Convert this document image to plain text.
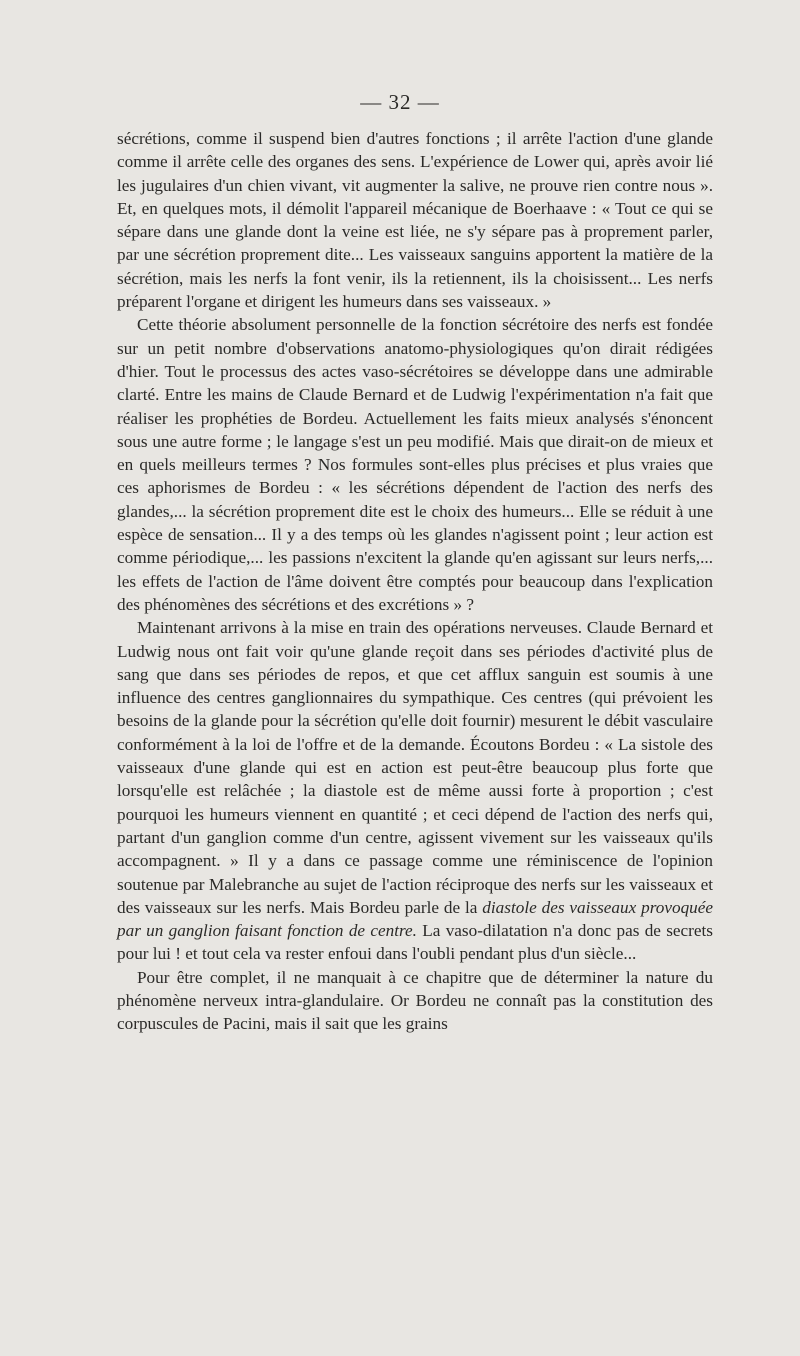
— 32 —

sécrétions, comme il suspend bien d'autres fonctions ; il arrête l'action d'une glande comme il arrête celle des organes des sens. L'expérience de Lower qui, après avoir lié les jugulaires d'un chien vivant, vit augmenter la salive, ne prouve rien contre nous ». Et, en quelques mots, il démolit l'appareil mécanique de Boerhaave : « Tout ce qui se sépare dans une glande dont la veine est liée, ne s'y sépare pas à proprement parler, par une sécrétion proprement dite... Les vaisseaux sanguins apportent la matière de la sécrétion, mais les nerfs la font venir, ils la retiennent, ils la choisissent... Les nerfs préparent l'organe et dirigent les humeurs dans ses vaisseaux. »

Cette théorie absolument personnelle de la fonction sécrétoire des nerfs est fondée sur un petit nombre d'observations anatomo-physiologiques qu'on dirait rédigées d'hier. Tout le processus des actes vaso-sécrétoires se développe dans une admirable clarté. Entre les mains de Claude Bernard et de Ludwig l'expérimentation n'a fait que réaliser les prophéties de Bordeu. Actuellement les faits mieux analysés s'énoncent sous une autre forme ; le langage s'est un peu modifié. Mais que dirait-on de mieux et en quels meilleurs termes ? Nos formules sont-elles plus précises et plus vraies que ces aphorismes de Bordeu : « les sécrétions dépendent de l'action des nerfs des glandes,... la sécrétion proprement dite est le choix des humeurs... Elle se réduit à une espèce de sensation... Il y a des temps où les glandes n'agissent point ; leur action est comme périodique,... les passions n'excitent la glande qu'en agissant sur leurs nerfs,... les effets de l'action de l'âme doivent être comptés pour beaucoup dans l'explication des phénomènes des sécrétions et des excrétions » ?

Maintenant arrivons à la mise en train des opérations nerveuses. Claude Bernard et Ludwig nous ont fait voir qu'une glande reçoit dans ses périodes d'activité plus de sang que dans ses périodes de repos, et que cet afflux sanguin est soumis à une influence des centres ganglionnaires du sympathique. Ces centres (qui prévoient les besoins de la glande pour la sécrétion qu'elle doit fournir) mesurent le débit vasculaire conformément à la loi de l'offre et de la demande. Écoutons Bordeu : « La sistole des vaisseaux d'une glande qui est en action est peut-être beaucoup plus forte que lorsqu'elle est relâchée ; la diastole est de même aussi forte à proportion ; c'est pourquoi les humeurs viennent en quantité ; et ceci dépend de l'action des nerfs qui, partant d'un ganglion comme d'un centre, agissent vivement sur les vaisseaux qu'ils accompagnent. » Il y a dans ce passage comme une réminiscence de l'opinion soutenue par Malebranche au sujet de l'action réciproque des nerfs sur les vaisseaux et des vaisseaux sur les nerfs. Mais Bordeu parle de la diastole des vaisseaux provoquée par un ganglion faisant fonction de centre. La vaso-dilatation n'a donc pas de secrets pour lui ! et tout cela va rester enfoui dans l'oubli pendant plus d'un siècle...

Pour être complet, il ne manquait à ce chapitre que de déterminer la nature du phénomène nerveux intra-glandulaire. Or Bordeu ne connaît pas la constitution des corpuscules de Pacini, mais il sait que les grains
